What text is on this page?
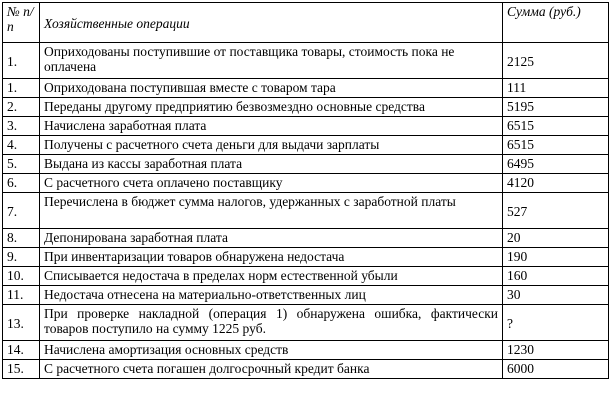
№ п/п	Хозяйственные операции	Сумма (руб.)
1.	Оприходованы поступившие от поставщика товары, стоимость пока не оплачена	2125
1.	Оприходована поступившая вместе с товаром тара	111
2.	Переданы другому предприятию безвозмездно основные средства	5195
3.	Начислена заработная плата	6515
4.	Получены с расчетного счета деньги для выдачи зарплаты	6515
5.	Выдана из кассы заработная плата	6495
6.	С расчетного счета оплачено поставщику	4120
7.	Перечислена в бюджет сумма налогов, удержанных с заработной платы	527
8.	Депонирована заработная плата	20
9.	При инвентаризации товаров обнаружена недостача	190
10.	Списывается недостача в пределах норм естественной убыли	160
11.	Недостача отнесена на материально-ответственных лиц	30
13.	При проверке накладной (операция 1) обнаружена ошибка, фактически товаров поступило на сумму 1225 руб.	?
14.	Начислена амортизация основных средств	1230
15.	С расчетного счета погашен долгосрочный кредит банка	6000
